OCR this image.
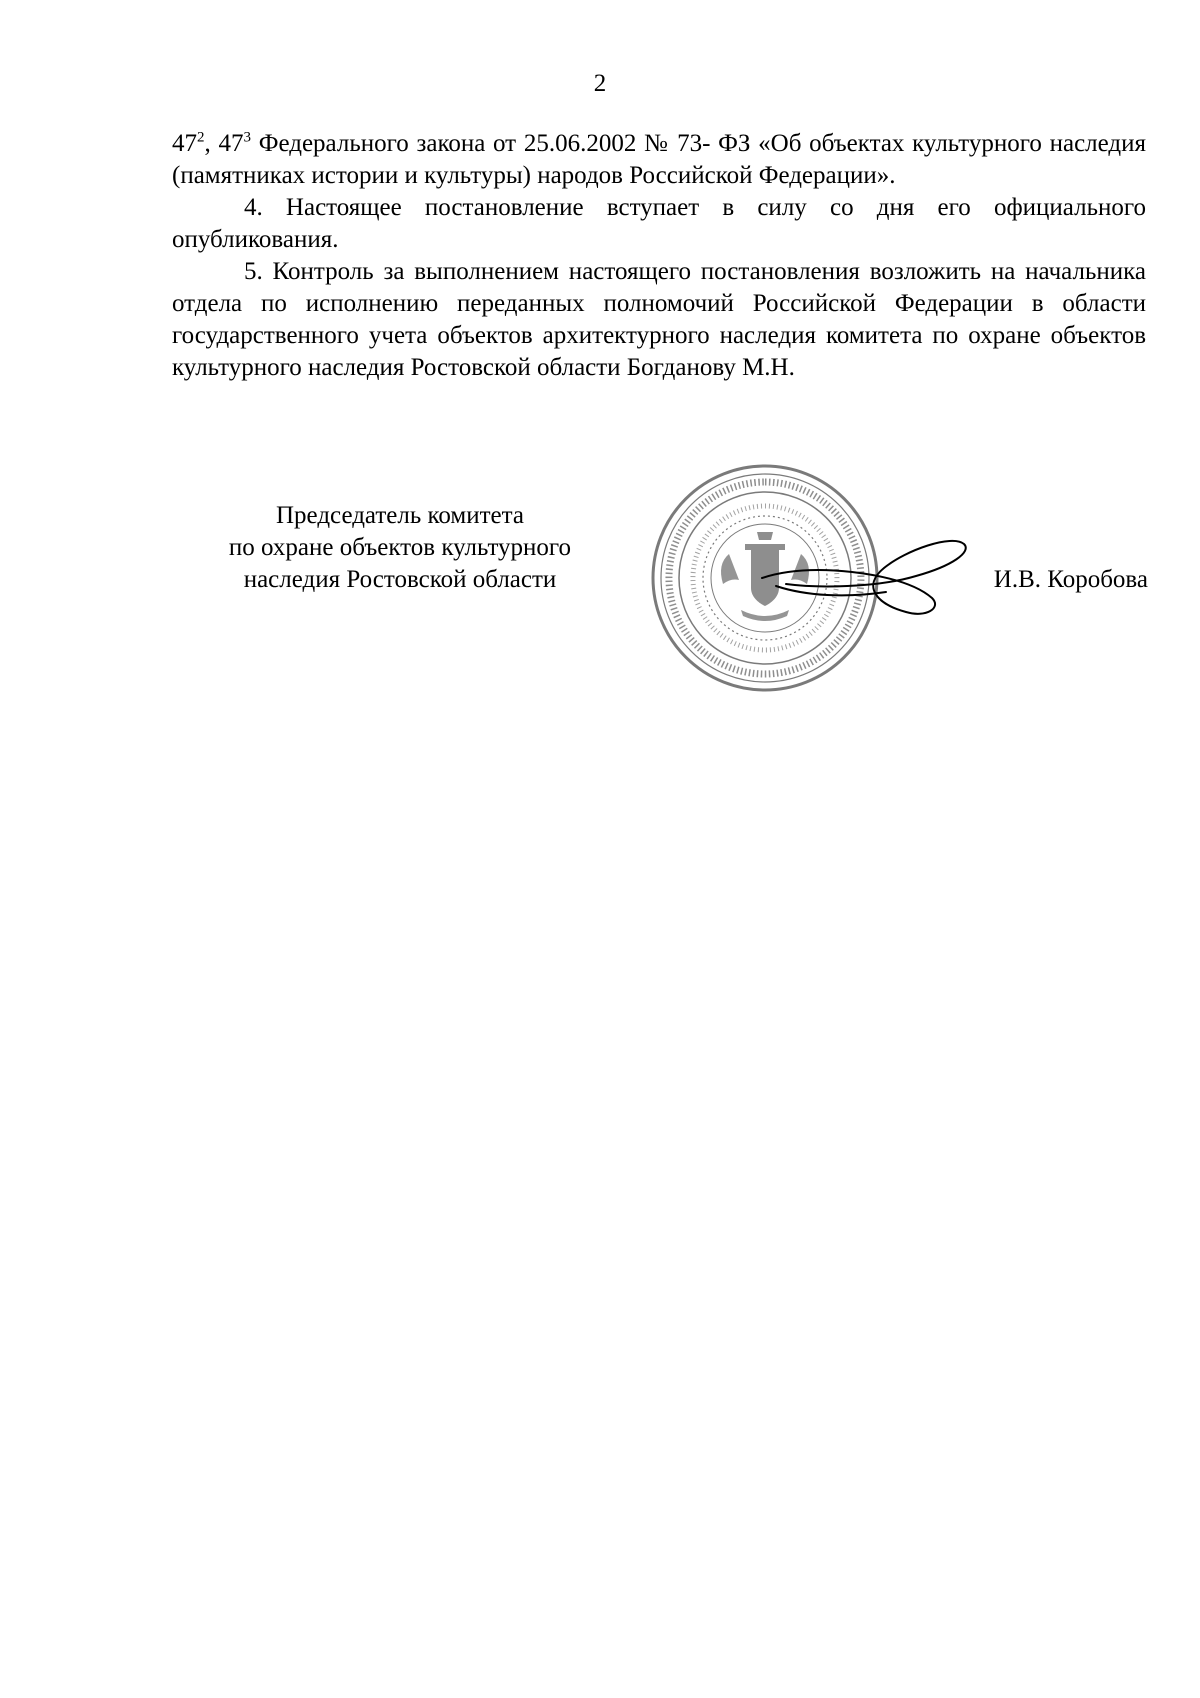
2

$47^2$, $47^3$ Федерального закона от 25.06.2002 № 73- ФЗ «Об объектах культурного наследия (памятниках истории и культуры) народов Российской Федерации».

4. Настоящее постановление вступает в силу со дня его официального опубликования.

5. Контроль за выполнением настоящего постановления возложить на начальника отдела по исполнению переданных полномочий Российской Федерации в области государственного учета объектов архитектурного наследия комитета по охране объектов культурного наследия Ростовской области Богданову М.Н.

Председатель комитета
по охране объектов культурного
наследия Ростовской области	И.В. Коробова
